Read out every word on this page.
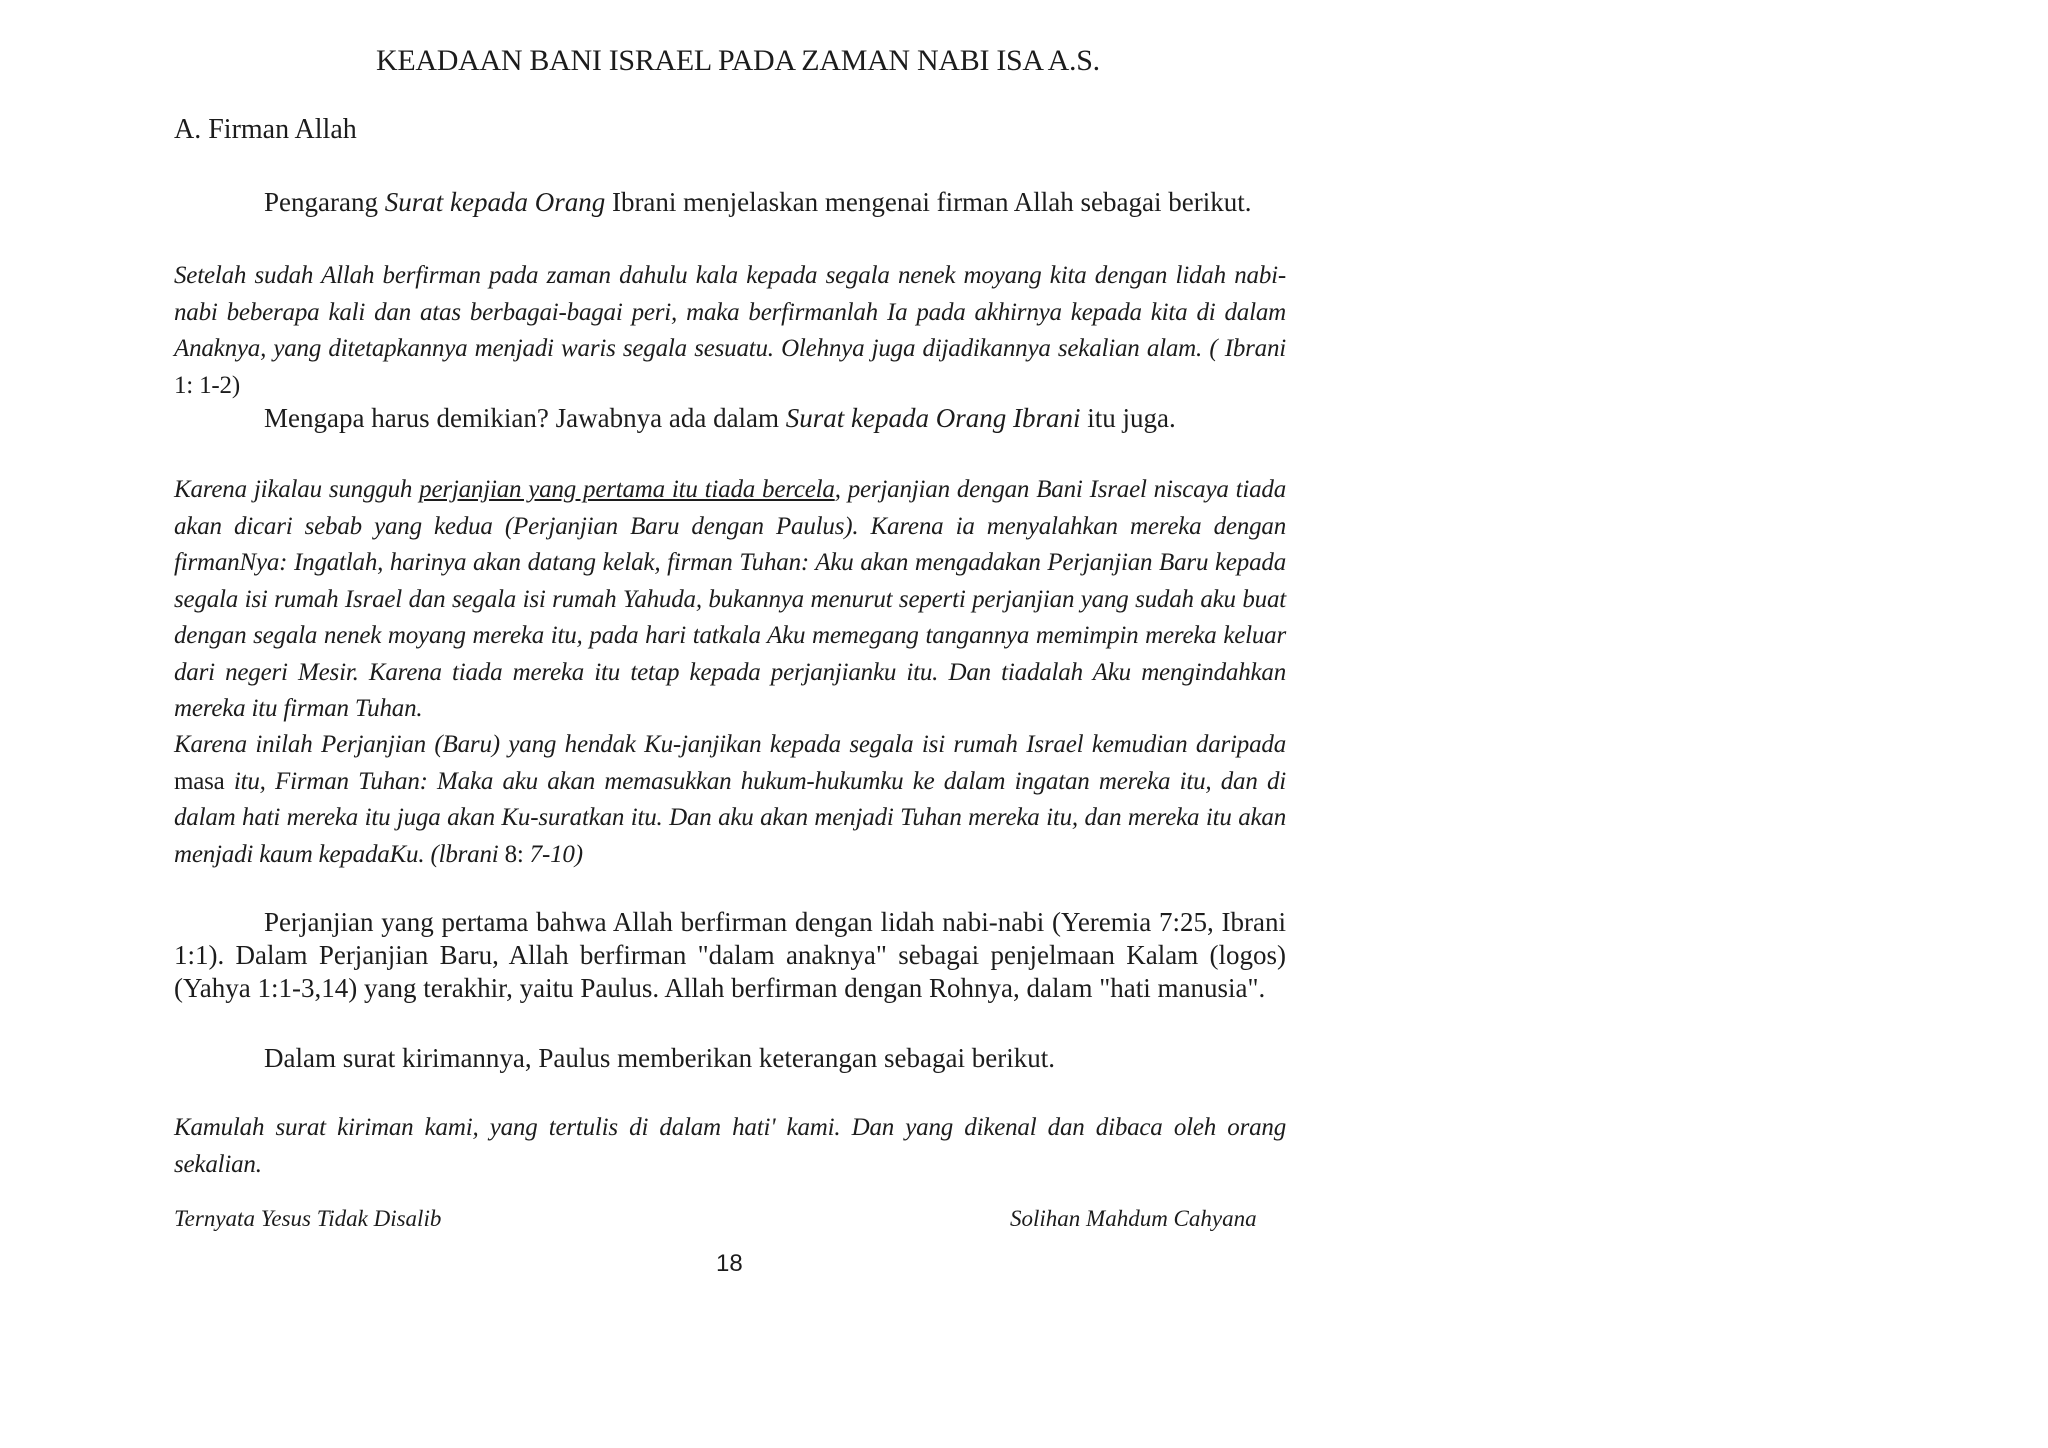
KEADAAN BANI ISRAEL PADA ZAMAN NABI ISA A.S.
A. Firman Allah

Pengarang Surat kepada Orang Ibrani menjelaskan mengenai firman Allah sebagai berikut.

Setelah sudah Allah berfirman pada zaman dahulu kala kepada segala nenek moyang kita dengan lidah nabi-nabi beberapa kali dan atas berbagai-bagai peri, maka berfirmanlah Ia pada akhirnya kepada kita di dalam Anaknya, yang ditetapkannya menjadi waris segala sesuatu. Olehnya juga dijadikannya sekalian alam. ( Ibrani 1: 1-2)

Mengapa harus demikian? Jawabnya ada dalam Surat kepada Orang Ibrani itu juga.

Karena jikalau sungguh perjanjian yang pertama itu tiada bercela, perjanjian dengan Bani Israel niscaya tiada akan dicari sebab yang kedua (Perjanjian Baru dengan Paulus). Karena ia menyalahkan mereka dengan firmanNya: Ingatlah, harinya akan datang kelak, firman Tuhan: Aku akan mengadakan Perjanjian Baru kepada segala isi rumah Israel dan segala isi rumah Yahuda, bukannya menurut seperti perjanjian yang sudah aku buat dengan segala nenek moyang mereka itu, pada hari tatkala Aku memegang tangannya memimpin mereka keluar dari negeri Mesir. Karena tiada mereka itu tetap kepada perjanjianku itu. Dan tiadalah Aku mengindahkan mereka itu firman Tuhan.

Karena inilah Perjanjian (Baru) yang hendak Ku-janjikan kepada segala isi rumah Israel kemudian daripada masa itu, Firman Tuhan: Maka aku akan memasukkan hukum-hukumku ke dalam ingatan mereka itu, dan di dalam hati mereka itu juga akan Ku-suratkan itu. Dan aku akan menjadi Tuhan mereka itu, dan mereka itu akan menjadi kaum kepadaKu. (lbrani 8: 7-10)

Perjanjian yang pertama bahwa Allah berfirman dengan lidah nabi-nabi (Yeremia 7:25, Ibrani 1:1). Dalam Perjanjian Baru, Allah berfirman "dalam anaknya" sebagai penjelmaan Kalam (logos) (Yahya 1:1-3,14) yang terakhir, yaitu Paulus. Allah berfirman dengan Rohnya, dalam "hati manusia".

Dalam surat kirimannya, Paulus memberikan keterangan sebagai berikut.

Kamulah surat kiriman kami, yang tertulis di dalam hati' kami. Dan yang dikenal dan dibaca oleh orang sekalian.

Ternyata Yesus Tidak Disalib	Solihan Mahdum Cahyana
18
